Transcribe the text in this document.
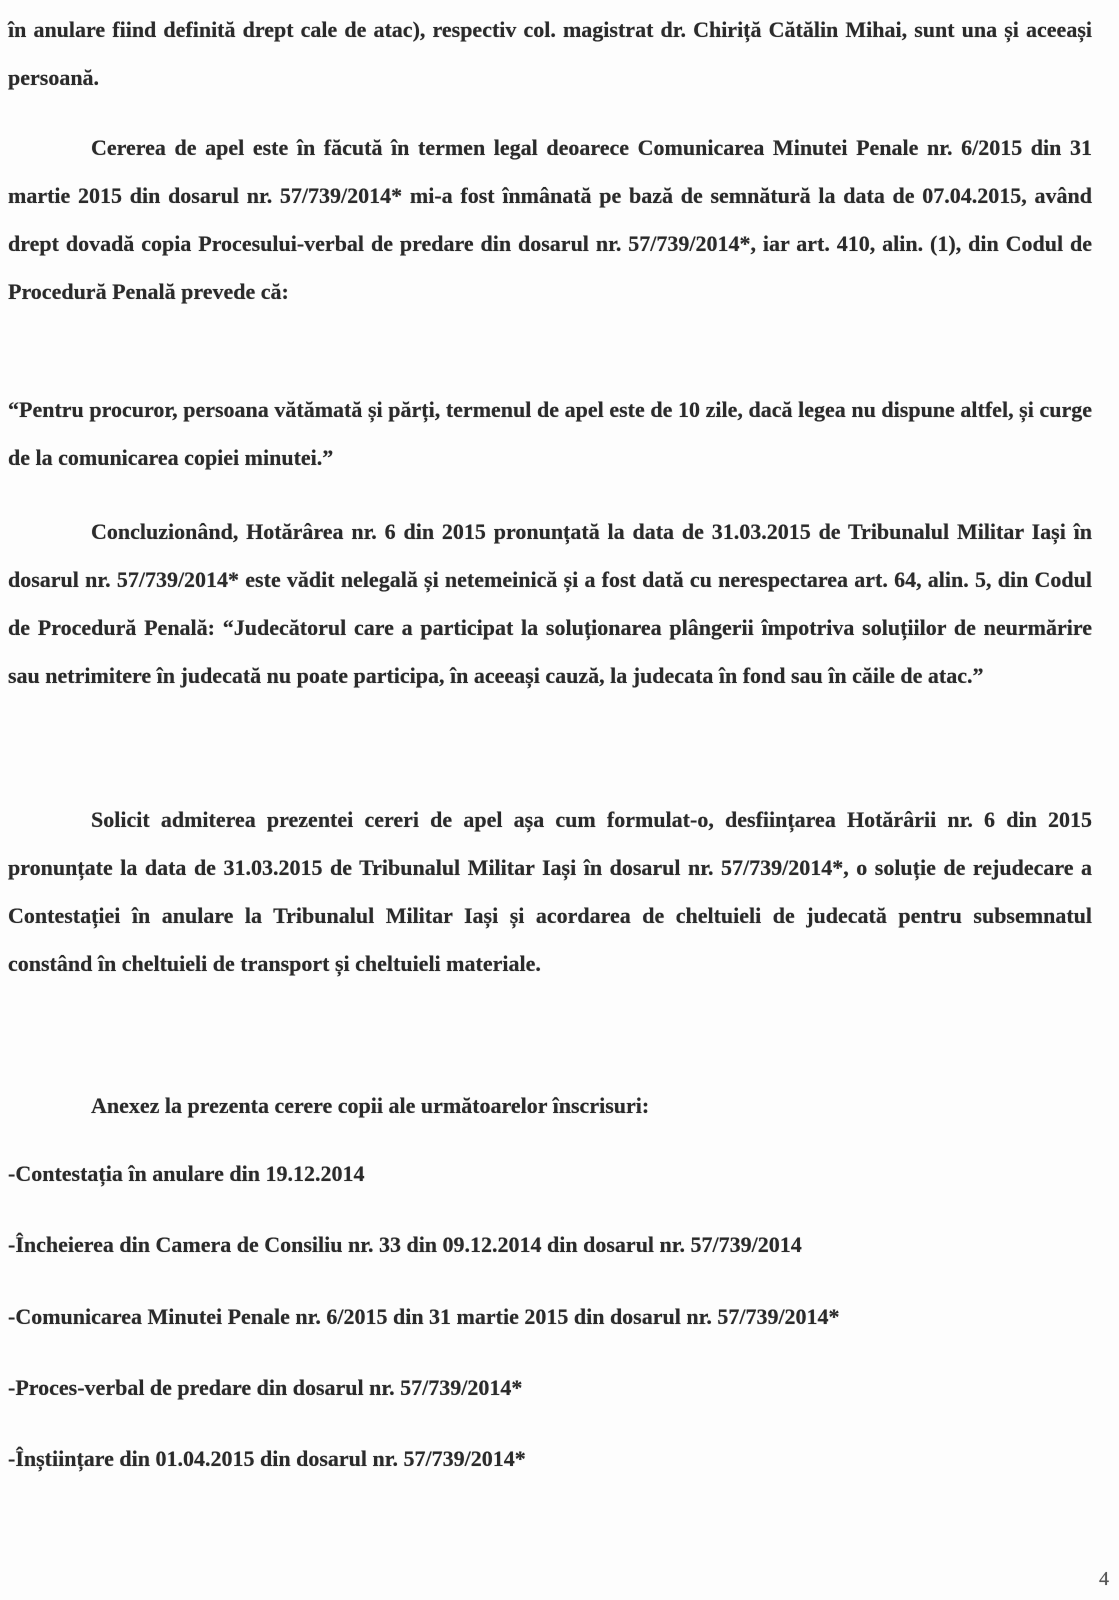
în anulare fiind definită drept cale de atac), respectiv col. magistrat dr. Chiriță Cătălin Mihai, sunt una și aceeași persoană.

Cererea de apel este în făcută în termen legal deoarece Comunicarea Minutei Penale nr. 6/2015 din 31 martie 2015 din dosarul nr. 57/739/2014* mi-a fost înmânată pe bază de semnătură la data de 07.04.2015, având drept dovadă copia Procesului-verbal de predare din dosarul nr. 57/739/2014*, iar art. 410, alin. (1), din Codul de Procedură Penală prevede că:

“Pentru procuror, persoana vătămată și părți, termenul de apel este de 10 zile, dacă legea nu dispune altfel, și curge de la comunicarea copiei minutei.”

Concluzionând, Hotărârea nr. 6 din 2015 pronunțată la data de 31.03.2015 de Tribunalul Militar Iași în dosarul nr. 57/739/2014* este vădit nelegală și netemeinică și a fost dată cu nerespectarea art. 64, alin. 5, din Codul de Procedură Penală: “Judecătorul care a participat la soluționarea plângerii împotriva soluțiilor de neurmărire sau netrimitere în judecată nu poate participa, în aceeași cauză, la judecata în fond sau în căile de atac.”

Solicit admiterea prezentei cereri de apel așa cum formulat-o, desființarea Hotărârii nr. 6 din 2015 pronunțate la data de 31.03.2015 de Tribunalul Militar Iași în dosarul nr. 57/739/2014*, o soluție de rejudecare a Contestației în anulare la Tribunalul Militar Iași și acordarea de cheltuieli de judecată pentru subsemnatul constând în cheltuieli de transport și cheltuieli materiale.

Anexez la prezenta cerere copii ale următoarelor înscrisuri:

-Contestația în anulare din 19.12.2014

-Încheierea din Camera de Consiliu nr. 33 din 09.12.2014 din dosarul nr. 57/739/2014

-Comunicarea Minutei Penale nr. 6/2015 din 31 martie 2015 din dosarul nr. 57/739/2014*

-Proces-verbal de predare din dosarul nr. 57/739/2014*

-Înștiințare din 01.04.2015 din dosarul nr. 57/739/2014*

4
